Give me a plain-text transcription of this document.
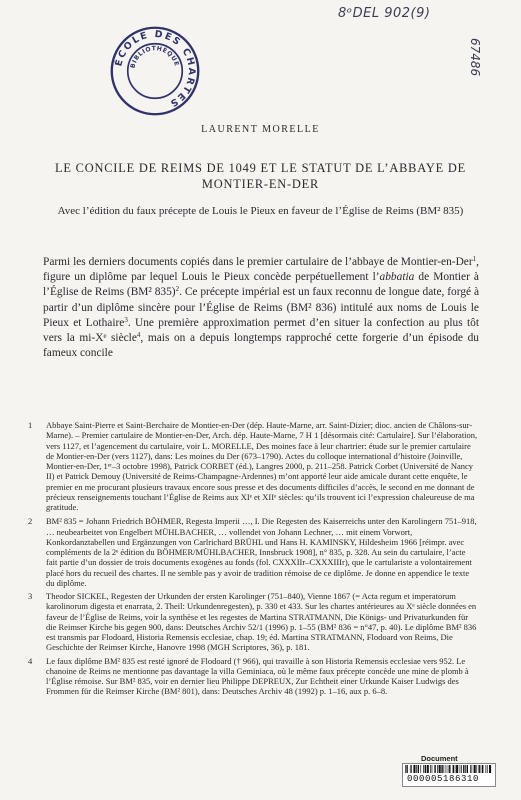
8ᵒDEL 902(9)
67486
ÉCOLE DES CHARTES
BIBLIOTHÈQUE
LAURENT MORELLE
LE CONCILE DE REIMS DE 1049 ET LE STATUT DE L’ABBAYE DE MONTIER-EN-DER

Avec l’édition du faux précepte de Louis le Pieux en faveur de l’Église de Reims (BM² 835)

Parmi les derniers documents copiés dans le premier cartulaire de l’abbaye de Montier-en-Der$^1$, figure un diplôme par lequel Louis le Pieux concède perpétuellement l’abbatia de Montier à l’Église de Reims (BM² 835)$^2$. Ce précepte impérial est un faux reconnu de longue date, forgé à partir d’un diplôme sincère pour l’Église de Reims (BM² 836) intitulé aux noms de Louis le Pieux et Lothaire$^3$. Une première approximation permet d’en situer la confection au plus tôt vers la mi-Xᵉ siècle$^4$, mais on a depuis longtemps rapproché cette forgerie d’un épisode du fameux concile

1 Abbaye Saint-Pierre et Saint-Berchaire de Montier-en-Der (dép. Haute-Marne, arr. Saint-Dizier; dioc. ancien de Châlons-sur-Marne). – Premier cartulaire de Montier-en-Der, Arch. dép. Haute-Marne, 7 H 1 [désormais cité: Cartulaire]. Sur l’élaboration, vers 1127, et l’agencement du cartulaire, voir L. MORELLE, Des moines face à leur chartrier: étude sur le premier cartulaire de Montier-en-Der (vers 1127), dans: Les moines du Der (673–1790). Actes du colloque international d’histoire (Joinville, Montier-en-Der, 1ᵉʳ–3 octobre 1998), Patrick CORBET (éd.), Langres 2000, p. 211–258. Patrick Corbet (Université de Nancy II) et Patrick Demouy (Université de Reims-Champagne-Ardennes) m’ont apporté leur aide amicale durant cette enquête, le premier en me procurant plusieurs travaux encore sous presse et des documents difficiles d’accès, le second en me donnant de précieux renseignements touchant l’Église de Reims aux XIᵉ et XIIᵉ siècles: qu’ils trouvent ici l’expression chaleureuse de ma gratitude.
2 BM² 835 = Johann Friedrich BÖHMER, Regesta Imperii …, I. Die Regesten des Kaiserreichs unter den Karolingern 751–918, … neubearbeitet von Engelbert MÜHLBACHER, … vollendet von Johann Lechner, … mit einem Vorwort, Konkordanztabellen und Ergänzungen von Carlrichard BRÜHL und Hans H. KAMINSKY, Hildesheim 1966 [réimpr. avec compléments de la 2ᵉ édition du BÖHMER/MÜHLBACHER, Innsbruck 1908], n° 835, p. 328. Au sein du cartulaire, l’acte fait partie d’un dossier de trois documents exogènes au fonds (fol. CXXXIIr–CXXXIIIr), que le cartulariste a volontairement placé hors du recueil des chartes. Il ne semble pas y avoir de tradition rémoise de ce diplôme. Je donne en appendice le texte du diplôme.
3 Theodor SICKEL, Regesten der Urkunden der ersten Karolinger (751–840), Vienne 1867 (= Acta regum et imperatorum karolinorum digesta et enarrata, 2. Theil: Urkundenregesten), p. 330 et 433. Sur les chartes antérieures au Xᵉ siècle données en faveur de l’Église de Reims, voir la synthèse et les regestes de Martina STRATMANN, Die Königs- und Privaturkunden für die Reimser Kirche bis gegen 900, dans: Deutsches Archiv 52/1 (1996) p. 1–55 (BM² 836 = n°47, p. 40). Le diplôme BM² 836 est transmis par Flodoard, Historia Remensis ecclesiae, chap. 19; éd. Martina STRATMANN, Flodoard von Reims, Die Geschichte der Reimser Kirche, Hanovre 1998 (MGH Scriptores, 36), p. 181.
4 Le faux diplôme BM² 835 est resté ignoré de Flodoard († 966), qui travaille à son Historia Remensis ecclesiae vers 952. Le chanoine de Reims ne mentionne pas davantage la villa Geminiaca, où le même faux précepte concède une mine de plomb à l’Église rémoise. Sur BM² 835, voir en dernier lieu Philippe DEPREUX, Zur Echtheit einer Urkunde Kaiser Ludwigs des Frommen für die Reimser Kirche (BM² 801), dans: Deutsches Archiv 48 (1992) p. 1–16, aux p. 6–8.
Document
000005186310
